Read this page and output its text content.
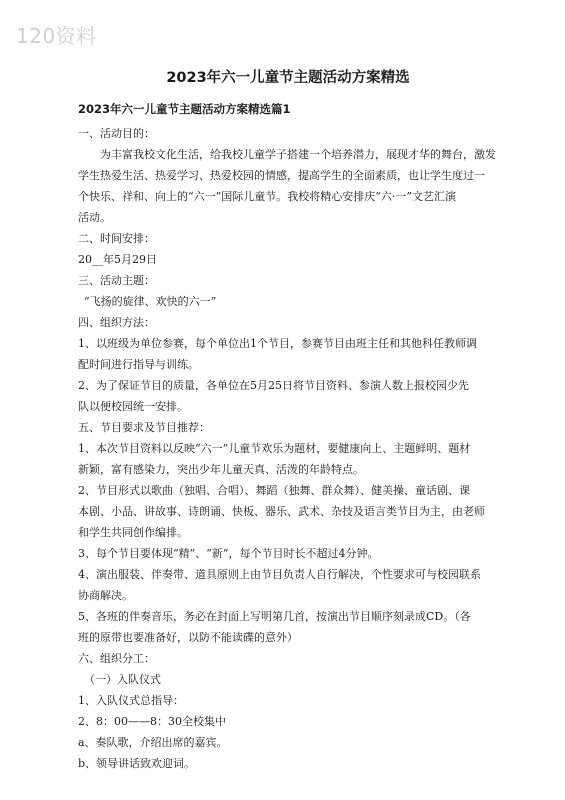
120资料
2023年六一儿童节主题活动方案精选
2023年六一儿童节主题活动方案精选篇1
一、活动目的：
为丰富我校文化生活，给我校儿童学子搭建一个培养潜力，展现才华的舞台，激发
学生热爱生活、热爱学习、热爱校园的情感，提高学生的全面素质，也让学生度过一
个快乐、祥和、向上的“六一”国际儿童节。我校将精心安排庆“六·一”文艺汇演
活动。
二、时间安排：
20__年5月29日
三、活动主题：
“飞扬的旋律、欢快的六一”
四、组织方法：
1、以班级为单位参赛，每个单位出1个节目，参赛节目由班主任和其他科任教师调
配时间进行指导与训练。
2、为了保证节目的质量，各单位在5月25日将节目资料、参演人数上报校园少先
队以便校园统一安排。
五、节目要求及节目推荐：
1、本次节目资料以反映“六一”儿童节欢乐为题材，要健康向上、主题鲜明、题材
新颖，富有感染力，突出少年儿童天真、活泼的年龄特点。
2、节目形式以歌曲（独唱、合唱）、舞蹈（独舞、群众舞）、健美操、童话剧、课
本剧、小品、讲故事、诗朗诵、快板、器乐、武术、杂技及语言类节目为主，由老师
和学生共同创作编排。
3、每个节目要体现“精”、“新”，每个节目时长不超过4分钟。
4、演出服装、伴奏带、道具原则上由节目负责人自行解决，个性要求可与校园联系
协商解决。
5、各班的伴奏音乐，务必在封面上写明第几首，按演出节目顺序刻录成CD。（各
班的原带也要准备好，以防不能读碟的意外）
六、组织分工：
（一）入队仪式
1、入队仪式总指导：
2、8：00——8：30全校集中
a、奏队歌，介绍出席的嘉宾。
b、领导讲话致欢迎词。
